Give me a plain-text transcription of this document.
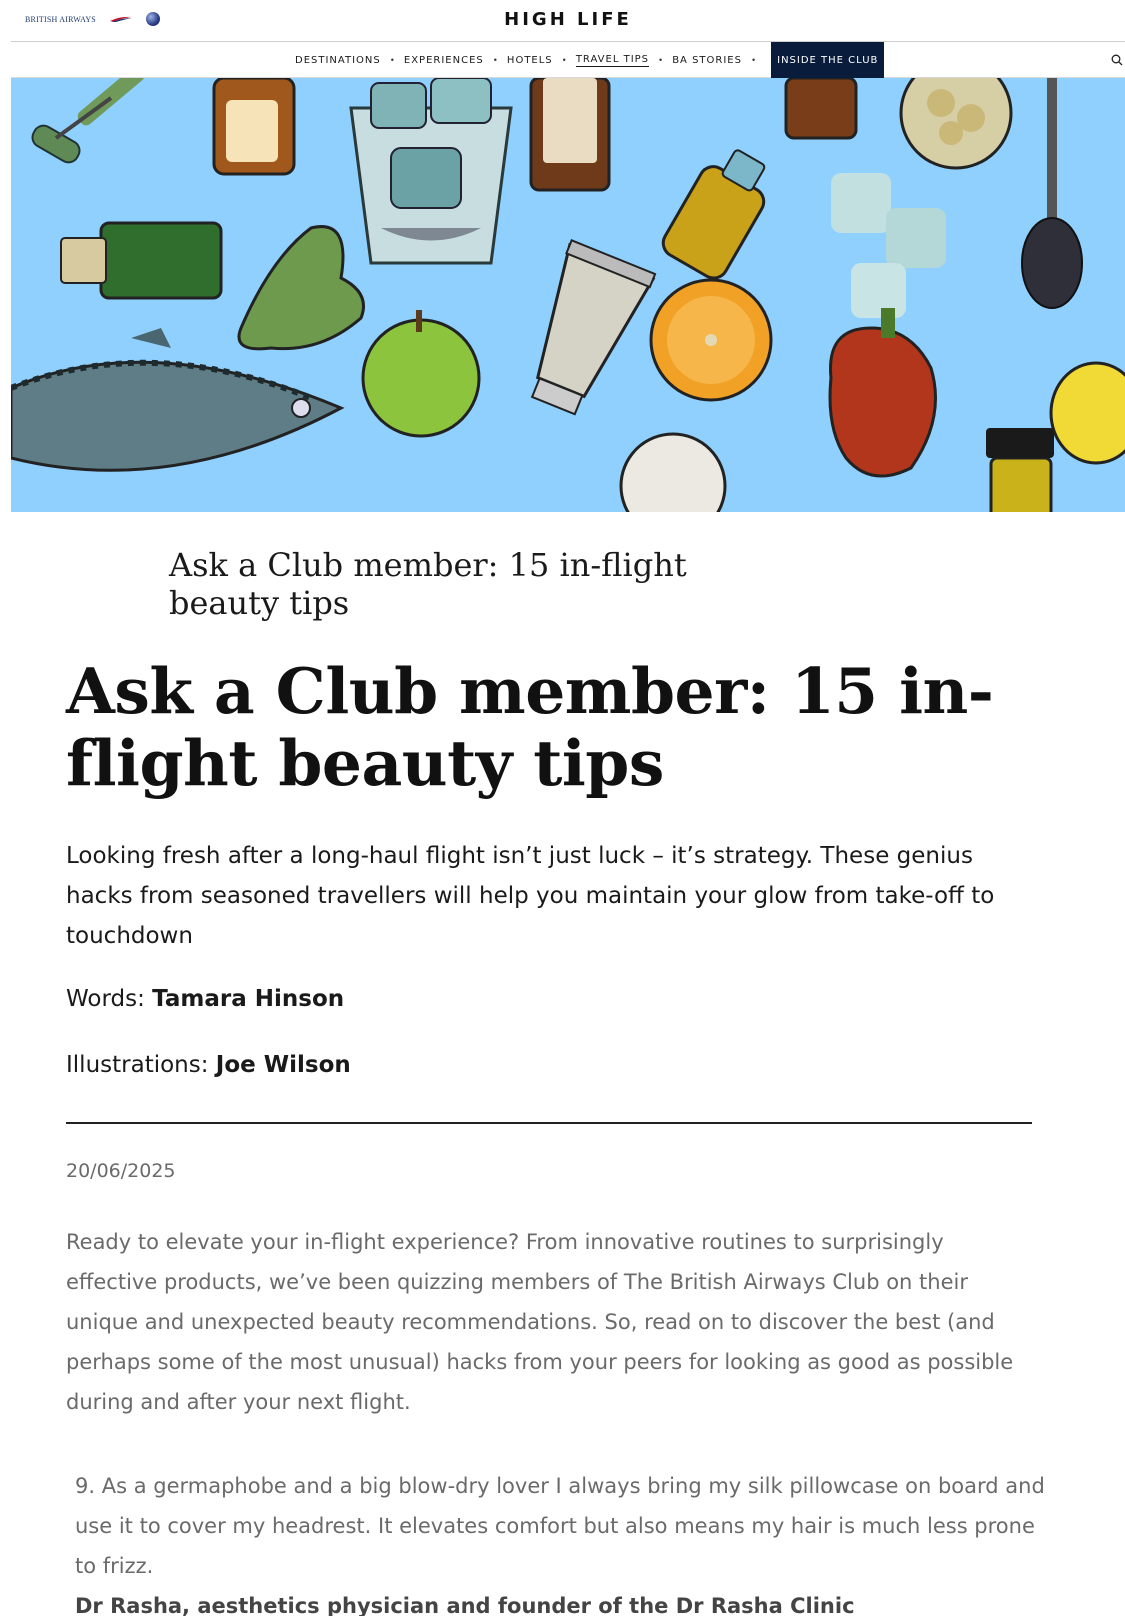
BRITISH AIRWAYS	HIGH LIFE
DESTINATIONS • EXPERIENCES • HOTELS • TRAVEL TIPS • BA STORIES •	INSIDE THE CLUB
Ask a Club member: 15 in-flight beauty tips
Ask a Club member: 15 in-flight beauty tips

Looking fresh after a long-haul flight isn’t just luck – it’s strategy. These genius hacks from seasoned travellers will help you maintain your glow from take-off to touchdown

Words: Tamara Hinson

Illustrations: Joe Wilson

20/06/2025

Ready to elevate your in-flight experience? From innovative routines to surprisingly effective products, we’ve been quizzing members of The British Airways Club on their unique and unexpected beauty recommendations. So, read on to discover the best (and perhaps some of the most unusual) hacks from your peers for looking as good as possible during and after your next flight.

9. As a germaphobe and a big blow-dry lover I always bring my silk pillowcase on board and use it to cover my headrest. It elevates comfort but also means my hair is much less prone to frizz.
Dr Rasha, aesthetics physician and founder of the Dr Rasha Clinic
